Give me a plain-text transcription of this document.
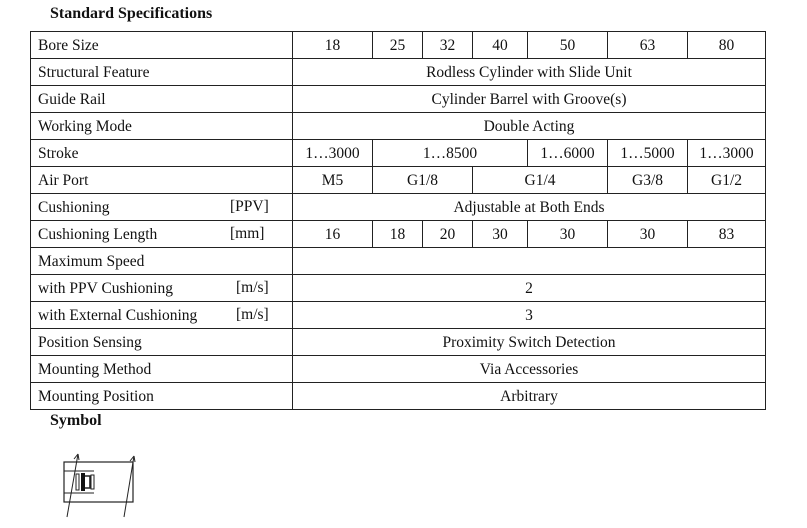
Standard Specifications
Bore Size	18	25	32	40	50	63	80
Structural Feature	Rodless Cylinder with Slide Unit						
Guide Rail	Cylinder Barrel with Groove(s)						
Working Mode	Double Acting						
Stroke	1…3000	1…8500			1…6000	1…5000	1…3000
Air Port	M5	G1/8		G1/4		G3/8	G1/2
Cushioning [PPV]	Adjustable at Both Ends						
Cushioning Length [mm]	16	18	20	30	30	30	83
Maximum Speed							
with PPV Cushioning [m/s]	2						
with External Cushioning [m/s]	3						
Position Sensing	Proximity Switch Detection						
Mounting Method	Via Accessories						
Mounting Position	Arbitrary						
Symbol
